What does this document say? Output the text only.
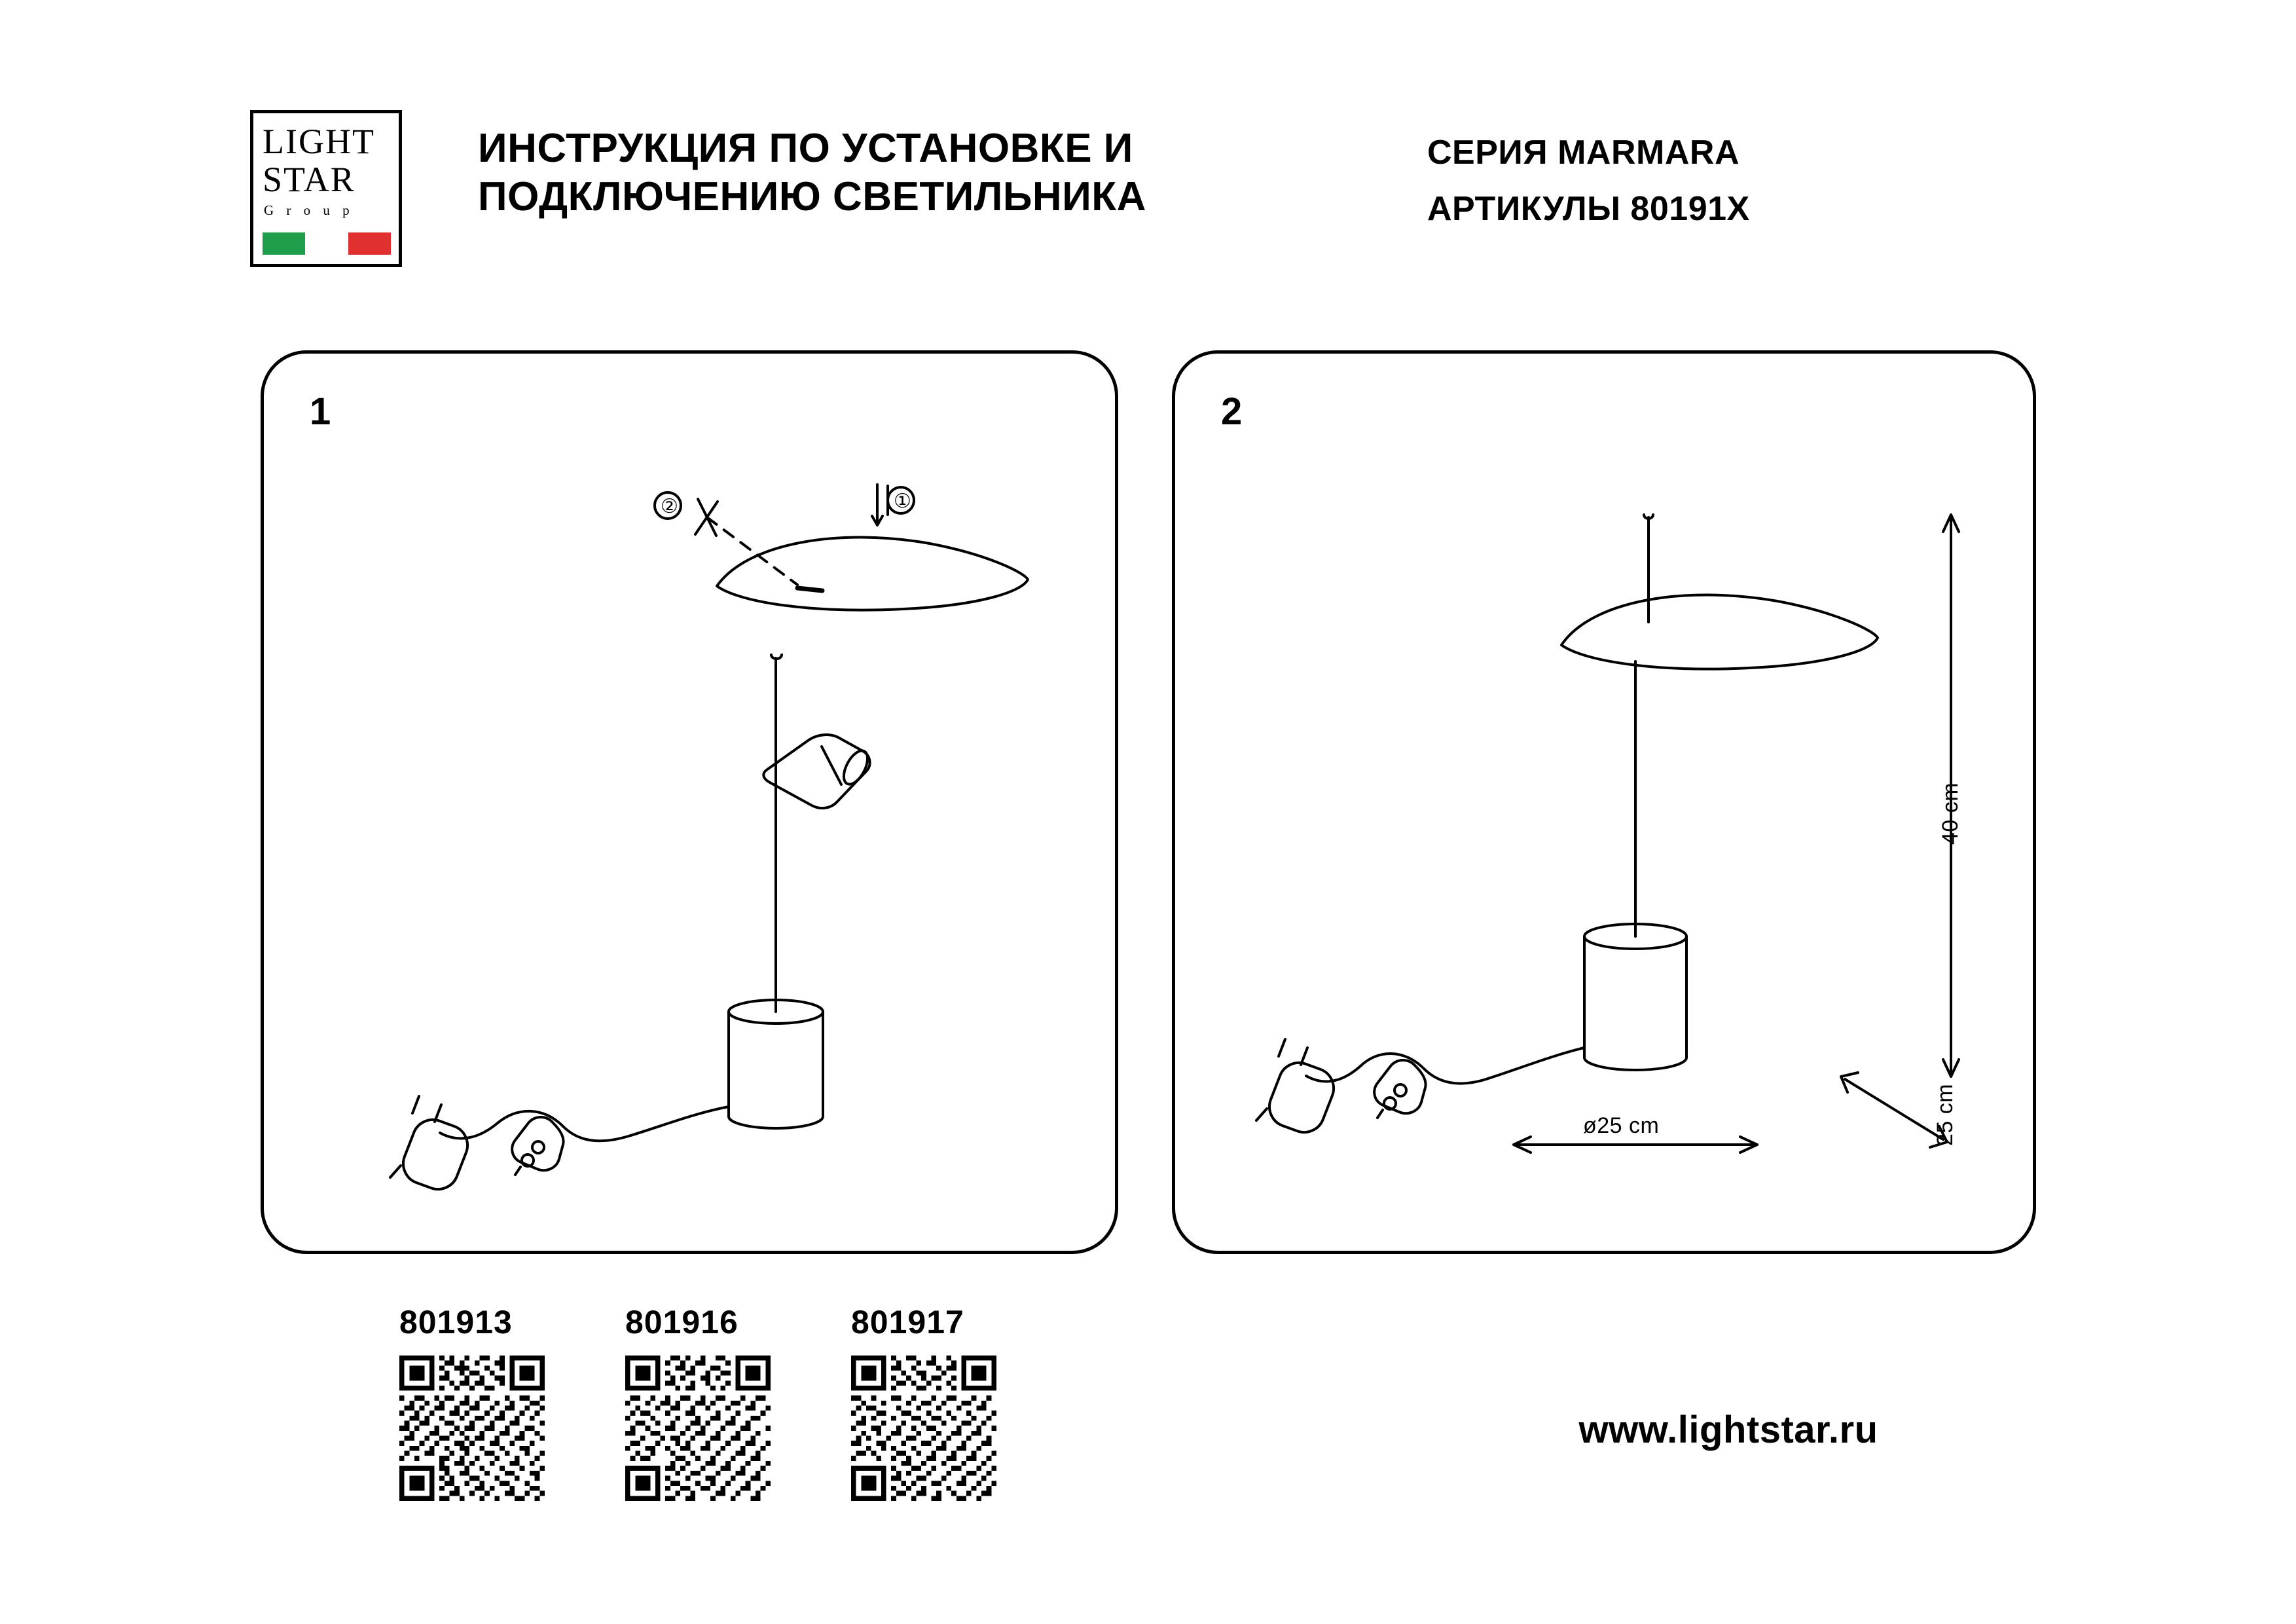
LIGHT
STAR
G r o u p
ИНСТРУКЦИЯ ПО УСТАНОВКЕ И ПОДКЛЮЧЕНИЮ СВЕТИЛЬНИКА
СЕРИЯ MARMARA
АРТИКУЛЫ 80191X
1	2
①
②
40 cm
25 cm
ø25 cm
801913	801916	801917
www.lightstar.ru
